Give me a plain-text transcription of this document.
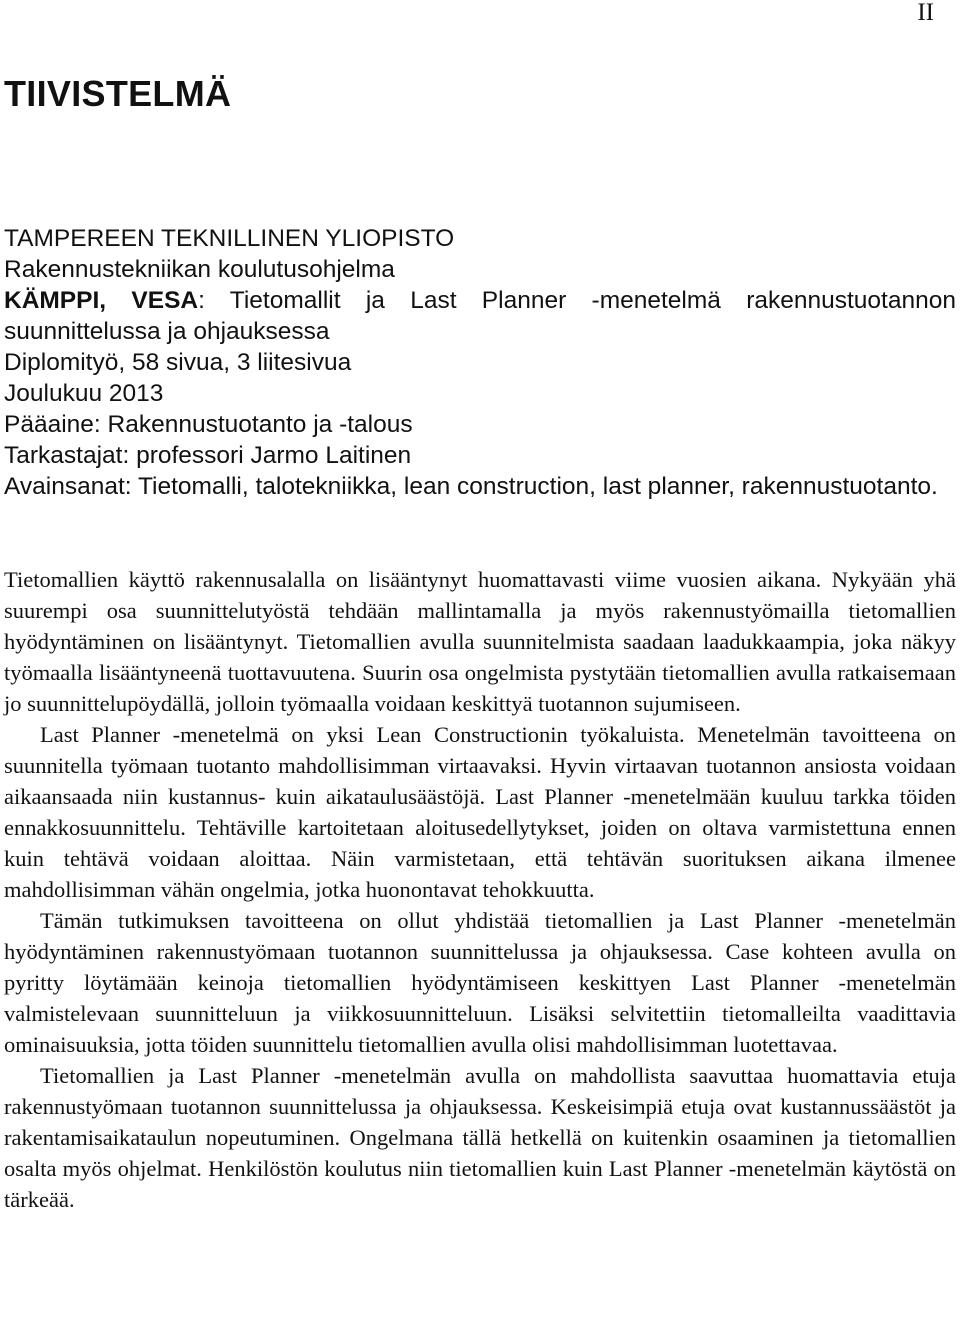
II
TIIVISTELMÄ
TAMPEREEN TEKNILLINEN YLIOPISTO
Rakennustekniikan koulutusohjelma
KÄMPPI, VESA: Tietomallit ja Last Planner -menetelmä rakennustuotannon suunnittelussa ja ohjauksessa
Diplomityö, 58 sivua, 3 liitesivua
Joulukuu 2013
Pääaine: Rakennustuotanto ja -talous
Tarkastajat: professori Jarmo Laitinen
Avainsanat: Tietomalli, talotekniikka, lean construction, last planner, rakennustuotanto.

Tietomallien käyttö rakennusalalla on lisääntynyt huomattavasti viime vuosien aikana. Nykyään yhä suurempi osa suunnittelutyöstä tehdään mallintamalla ja myös rakennustyömailla tietomallien hyödyntäminen on lisääntynyt. Tietomallien avulla suunnitelmista saadaan laadukkaampia, joka näkyy työmaalla lisääntyneenä tuottavuutena. Suurin osa ongelmista pystytään tietomallien avulla ratkaisemaan jo suunnittelupöydällä, jolloin työmaalla voidaan keskittyä tuotannon sujumiseen.

Last Planner -menetelmä on yksi Lean Constructionin työkaluista. Menetelmän tavoitteena on suunnitella työmaan tuotanto mahdollisimman virtaavaksi. Hyvin virtaavan tuotannon ansiosta voidaan aikaansaada niin kustannus- kuin aikataulusäästöjä. Last Planner -menetelmään kuuluu tarkka töiden ennakkosuunnittelu. Tehtäville kartoitetaan aloitusedellytykset, joiden on oltava varmistettuna ennen kuin tehtävä voidaan aloittaa. Näin varmistetaan, että tehtävän suorituksen aikana ilmenee mahdollisimman vähän ongelmia, jotka huonontavat tehokkuutta.

Tämän tutkimuksen tavoitteena on ollut yhdistää tietomallien ja Last Planner -menetelmän hyödyntäminen rakennustyömaan tuotannon suunnittelussa ja ohjauksessa. Case kohteen avulla on pyritty löytämään keinoja tietomallien hyödyntämiseen keskittyen Last Planner -menetelmän valmistelevaan suunnitteluun ja viikkosuunnitteluun. Lisäksi selvitettiin tietomalleilta vaadittavia ominaisuuksia, jotta töiden suunnittelu tietomallien avulla olisi mahdollisimman luotettavaa.

Tietomallien ja Last Planner -menetelmän avulla on mahdollista saavuttaa huomattavia etuja rakennustyömaan tuotannon suunnittelussa ja ohjauksessa. Keskeisimpiä etuja ovat kustannussäästöt ja rakentamisaikataulun nopeutuminen. Ongelmana tällä hetkellä on kuitenkin osaaminen ja tietomallien osalta myös ohjelmat. Henkilöstön koulutus niin tietomallien kuin Last Planner -menetelmän käytöstä on tärkeää.
